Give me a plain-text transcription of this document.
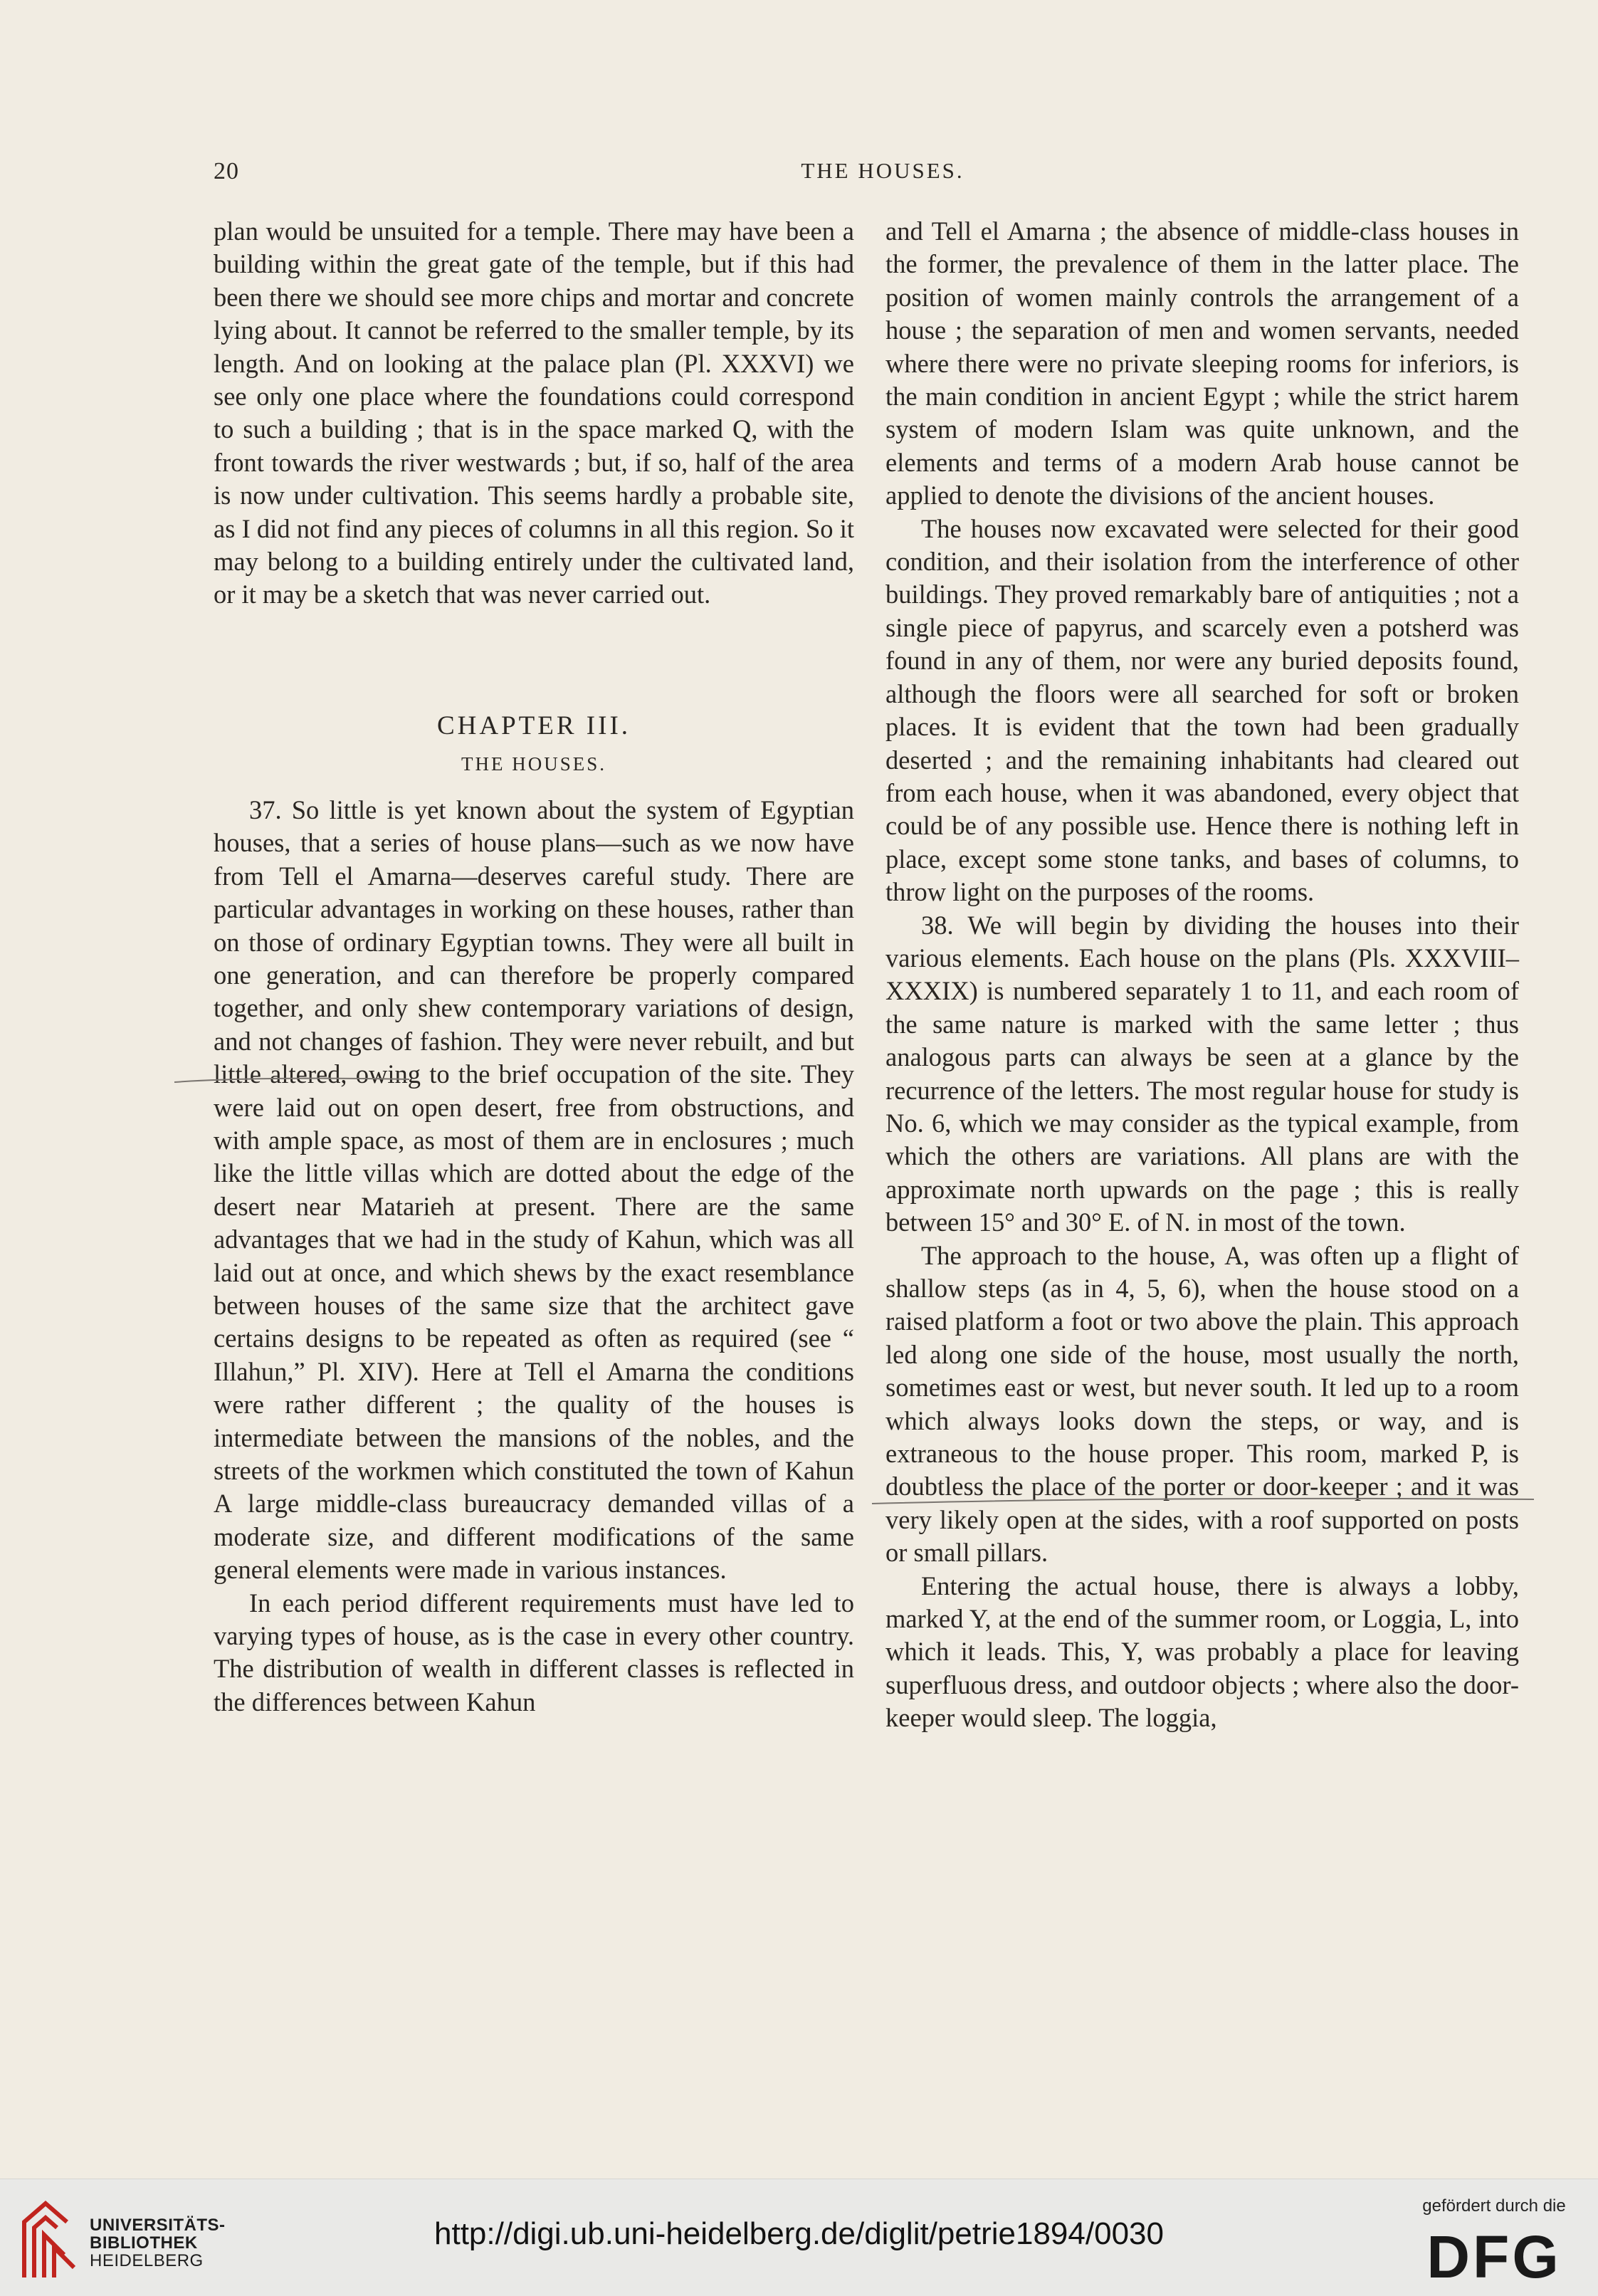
20	THE HOUSES.

plan would be unsuited for a temple. There may have been a building within the great gate of the temple, but if this had been there we should see more chips and mortar and concrete lying about. It cannot be referred to the smaller temple, by its length. And on looking at the palace plan (Pl. XXXVI) we see only one place where the foundations could correspond to such a building ; that is in the space marked Q, with the front towards the river westwards ; but, if so, half of the area is now under cultivation. This seems hardly a probable site, as I did not find any pieces of columns in all this region. So it may belong to a building entirely under the cultivated land, or it may be a sketch that was never carried out.

CHAPTER III.
THE HOUSES.

37. So little is yet known about the system of Egyptian houses, that a series of house plans—such as we now have from Tell el Amarna—deserves careful study. There are particular advantages in working on these houses, rather than on those of ordinary Egyptian towns. They were all built in one generation, and can therefore be properly compared together, and only shew contemporary variations of design, and not changes of fashion. They were never rebuilt, and but little altered, owing to the brief occupation of the site. They were laid out on open desert, free from obstructions, and with ample space, as most of them are in enclosures ; much like the little villas which are dotted about the edge of the desert near Matarieh at present. There are the same advantages that we had in the study of Kahun, which was all laid out at once, and which shews by the exact resemblance between houses of the same size that the architect gave certains designs to be repeated as often as required (see “ Illahun,” Pl. XIV). Here at Tell el Amarna the conditions were rather different ; the quality of the houses is intermediate between the mansions of the nobles, and the streets of the workmen which constituted the town of Kahun A large middle-class bureaucracy demanded villas of a moderate size, and different modifications of the same general elements were made in various instances.

In each period different requirements must have led to varying types of house, as is the case in every other country. The distribution of wealth in different classes is reflected in the differences between Kahun

and Tell el Amarna ; the absence of middle-class houses in the former, the prevalence of them in the latter place. The position of women mainly controls the arrangement of a house ; the separation of men and women servants, needed where there were no private sleeping rooms for inferiors, is the main condition in ancient Egypt ; while the strict harem system of modern Islam was quite unknown, and the elements and terms of a modern Arab house cannot be applied to denote the divisions of the ancient houses.

The houses now excavated were selected for their good condition, and their isolation from the interference of other buildings. They proved remarkably bare of antiquities ; not a single piece of papyrus, and scarcely even a potsherd was found in any of them, nor were any buried deposits found, although the floors were all searched for soft or broken places. It is evident that the town had been gradually deserted ; and the remaining inhabitants had cleared out from each house, when it was abandoned, every object that could be of any possible use. Hence there is nothing left in place, except some stone tanks, and bases of columns, to throw light on the purposes of the rooms.

38. We will begin by dividing the houses into their various elements. Each house on the plans (Pls. XXXVIII–XXXIX) is numbered separately 1 to 11, and each room of the same nature is marked with the same letter ; thus analogous parts can always be seen at a glance by the recurrence of the letters. The most regular house for study is No. 6, which we may consider as the typical example, from which the others are variations. All plans are with the approximate north upwards on the page ; this is really between 15° and 30° E. of N. in most of the town.

The approach to the house, A, was often up a flight of shallow steps (as in 4, 5, 6), when the house stood on a raised platform a foot or two above the plain. This approach led along one side of the house, most usually the north, sometimes east or west, but never south. It led up to a room which always looks down the steps, or way, and is extraneous to the house proper. This room, marked P, is doubtless the place of the porter or door-keeper ; and it was very likely open at the sides, with a roof supported on posts or small pillars.

Entering the actual house, there is always a lobby, marked Y, at the end of the summer room, or Loggia, L, into which it leads. This, Y, was probably a place for leaving superfluous dress, and outdoor objects ; where also the door-keeper would sleep. The loggia,

UNIVERSITÄTS-
BIBLIOTHEK
HEIDELBERG
http://digi.ub.uni-heidelberg.de/diglit/petrie1894/0030
gefördert durch die
DFG
